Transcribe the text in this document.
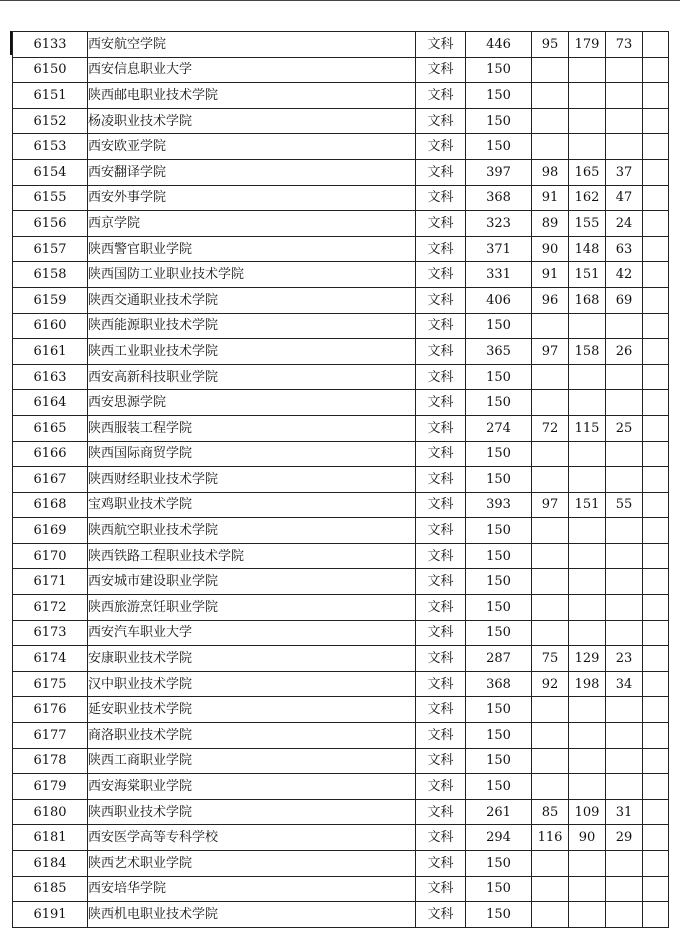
6133	西安航空学院	文科	446	95	179	73	
6150	西安信息职业大学	文科	150				
6151	陕西邮电职业技术学院	文科	150				
6152	杨凌职业技术学院	文科	150				
6153	西安欧亚学院	文科	150				
6154	西安翻译学院	文科	397	98	165	37	
6155	西安外事学院	文科	368	91	162	47	
6156	西京学院	文科	323	89	155	24	
6157	陕西警官职业学院	文科	371	90	148	63	
6158	陕西国防工业职业技术学院	文科	331	91	151	42	
6159	陕西交通职业技术学院	文科	406	96	168	69	
6160	陕西能源职业技术学院	文科	150				
6161	陕西工业职业技术学院	文科	365	97	158	26	
6163	西安高新科技职业学院	文科	150				
6164	西安思源学院	文科	150				
6165	陕西服装工程学院	文科	274	72	115	25	
6166	陕西国际商贸学院	文科	150				
6167	陕西财经职业技术学院	文科	150				
6168	宝鸡职业技术学院	文科	393	97	151	55	
6169	陕西航空职业技术学院	文科	150				
6170	陕西铁路工程职业技术学院	文科	150				
6171	西安城市建设职业学院	文科	150				
6172	陕西旅游烹饪职业学院	文科	150				
6173	西安汽车职业大学	文科	150				
6174	安康职业技术学院	文科	287	75	129	23	
6175	汉中职业技术学院	文科	368	92	198	34	
6176	延安职业技术学院	文科	150				
6177	商洛职业技术学院	文科	150				
6178	陕西工商职业学院	文科	150				
6179	西安海棠职业学院	文科	150				
6180	陕西职业技术学院	文科	261	85	109	31	
6181	西安医学高等专科学校	文科	294	116	90	29	
6184	陕西艺术职业学院	文科	150				
6185	西安培华学院	文科	150				
6191	陕西机电职业技术学院	文科	150				
